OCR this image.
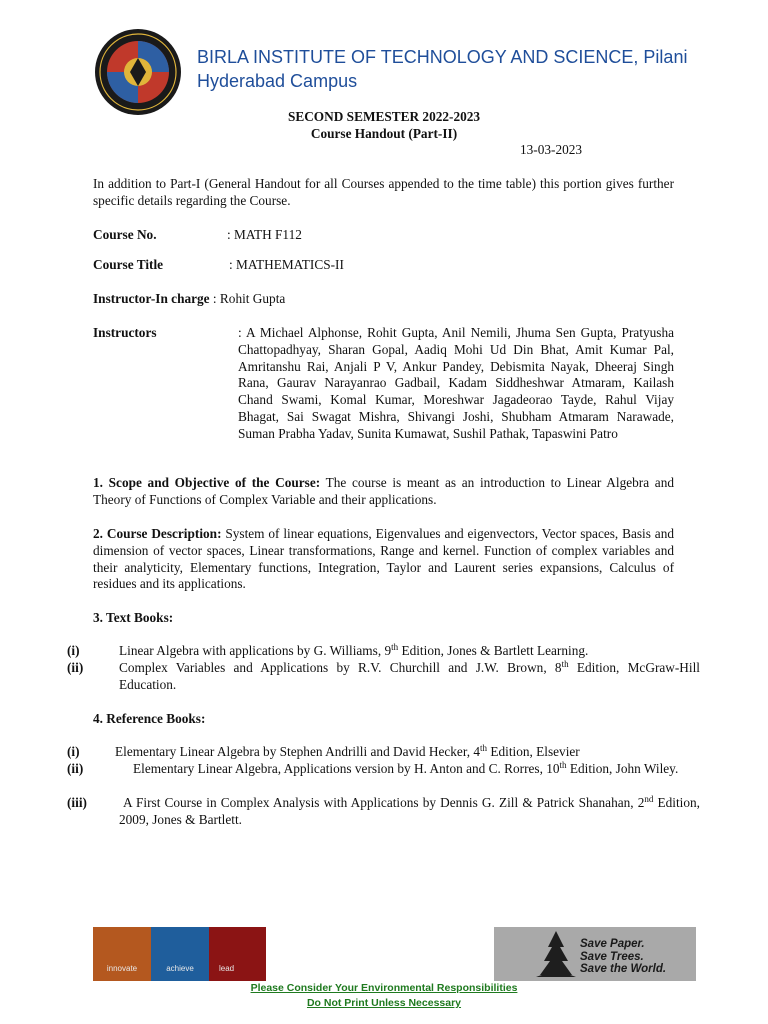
BIRLA INSTITUTE OF TECHNOLOGY AND SCIENCE, Pilani
Hyderabad Campus
SECOND SEMESTER 2022-2023
Course Handout (Part-II)
13-03-2023
In addition to Part-I (General Handout for all Courses appended to the time table) this portion gives further specific details regarding the Course.
Course No.	: MATH F112
Course Title	: MATHEMATICS-II
Instructor-In charge : Rohit Gupta
Instructors	: A Michael Alphonse, Rohit Gupta, Anil Nemili, Jhuma Sen Gupta, Pratyusha Chattopadhyay, Sharan Gopal, Aadiq Mohi Ud Din Bhat, Amit Kumar Pal, Amritanshu Rai, Anjali P V, Ankur Pandey, Debismita Nayak, Dheeraj Singh Rana, Gaurav Narayanrao Gadbail, Kadam Siddheshwar Atmaram, Kailash Chand Swami, Komal Kumar, Moreshwar Jagadeorao Tayde, Rahul Vijay Bhagat, Sai Swagat Mishra, Shivangi Joshi, Shubham Atmaram Narawade, Suman Prabha Yadav, Sunita Kumawat, Sushil Pathak, Tapaswini Patro
1. Scope and Objective of the Course: The course is meant as an introduction to Linear Algebra and Theory of Functions of Complex Variable and their applications.
2. Course Description: System of linear equations, Eigenvalues and eigenvectors, Vector spaces, Basis and dimension of vector spaces, Linear transformations, Range and kernel. Function of complex variables and their analyticity, Elementary functions, Integration, Taylor and Laurent series expansions, Calculus of residues and its applications.
3. Text Books:
(i)	Linear Algebra with applications by G. Williams, 9th Edition, Jones & Bartlett Learning.
(ii)	Complex Variables and Applications by R.V. Churchill and J.W. Brown, 8th Edition, McGraw-Hill Education.
4. Reference Books:
(i)	Elementary Linear Algebra by Stephen Andrilli and David Hecker, 4th Edition, Elsevier
(ii)	Elementary Linear Algebra, Applications version by H. Anton and C. Rorres, 10th Edition, John Wiley.
(iii)	A First Course in Complex Analysis with Applications by Dennis G. Zill & Patrick Shanahan, 2nd Edition, 2009, Jones & Bartlett.
innovate	achieve	lead
Save Paper.
Save Trees.
Save the World.
Please Consider Your Environmental Responsibilities
Do Not Print Unless Necessary
